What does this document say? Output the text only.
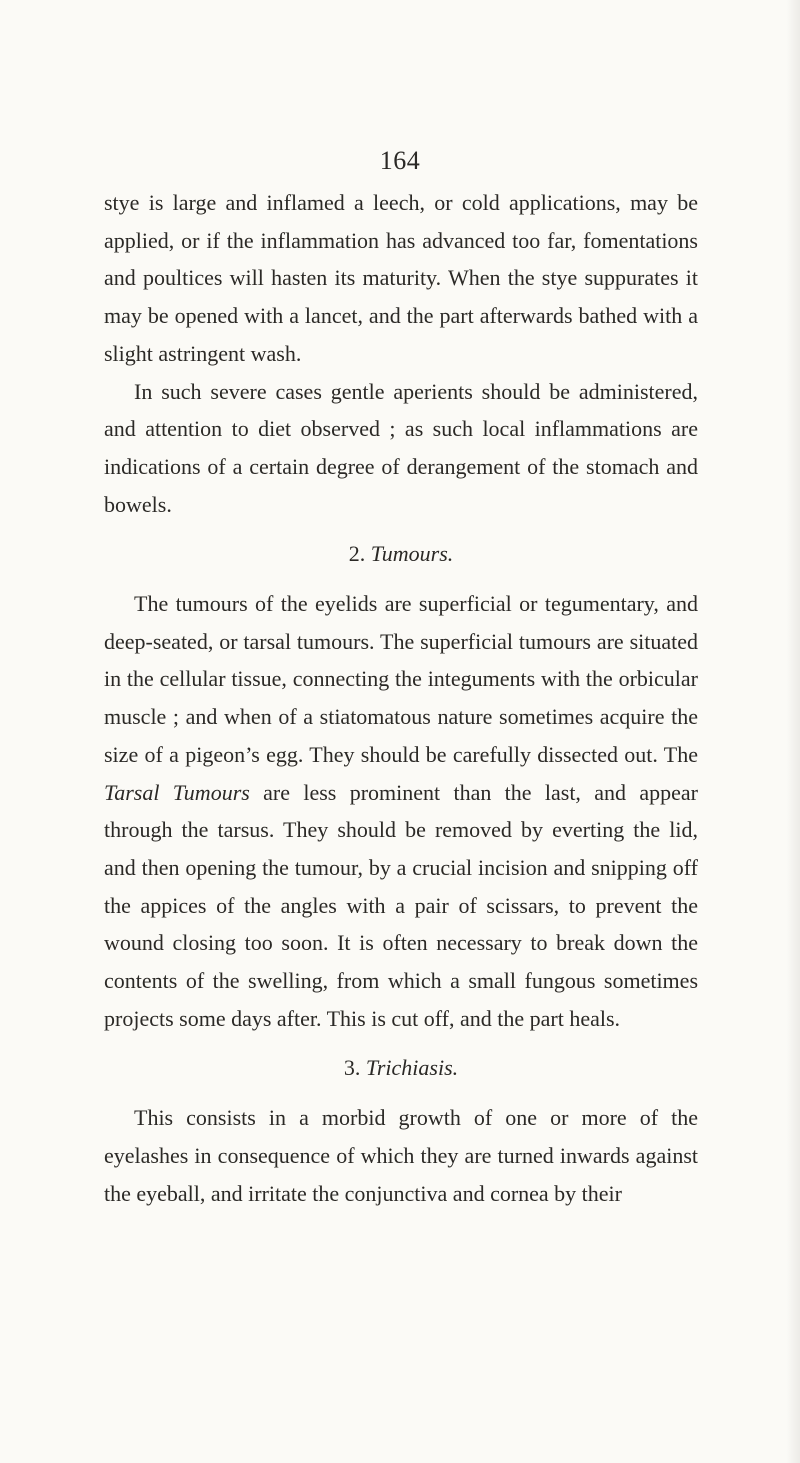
164

stye is large and inflamed a leech, or cold applications, may be applied, or if the inflammation has advanced too far, fomentations and poultices will hasten its maturity. When the stye suppurates it may be opened with a lancet, and the part afterwards bathed with a slight astringent wash.

In such severe cases gentle aperients should be administered, and attention to diet observed ; as such local inflammations are indications of a certain degree of derangement of the stomach and bowels.

2. Tumours.

The tumours of the eyelids are superficial or tegumentary, and deep-seated, or tarsal tumours. The superficial tumours are situated in the cellular tissue, connecting the integuments with the orbicular muscle ; and when of a stiatomatous nature sometimes acquire the size of a pigeon’s egg. They should be carefully dissected out. The Tarsal Tumours are less prominent than the last, and appear through the tarsus. They should be removed by everting the lid, and then opening the tumour, by a crucial incision and snipping off the appices of the angles with a pair of scissars, to prevent the wound closing too soon. It is often necessary to break down the contents of the swelling, from which a small fungous sometimes projects some days after. This is cut off, and the part heals.

3. Trichiasis.

This consists in a morbid growth of one or more of the eyelashes in consequence of which they are turned inwards against the eyeball, and irritate the conjunctiva and cornea by their
